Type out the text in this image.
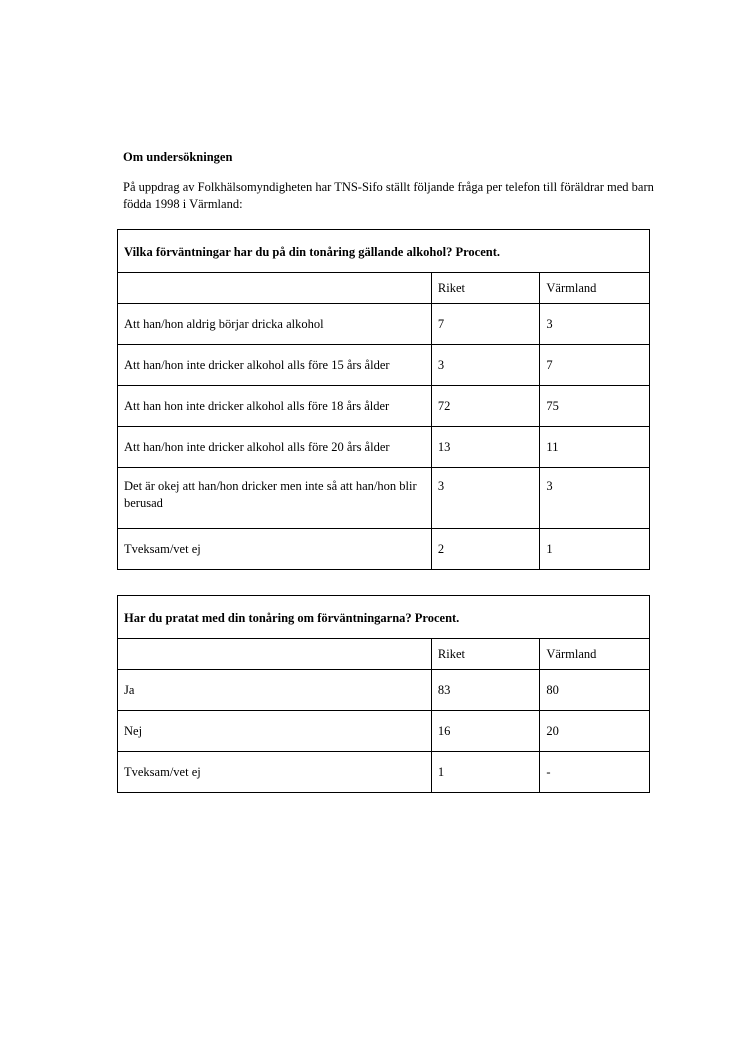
Om undersökningen

På uppdrag av Folkhälsomyndigheten har TNS-Sifo ställt följande fråga per telefon till föräldrar med barn födda 1998 i Värmland:

Vilka förväntningar har du på din tonåring gällande alkohol? Procent.		
	Riket	Värmland
Att han/hon aldrig börjar dricka alkohol	7	3
Att han/hon inte dricker alkohol alls före 15 års ålder	3	7
Att han hon inte dricker alkohol alls före 18 års ålder	72	75
Att han/hon inte dricker alkohol alls före 20 års ålder	13	11
Det är okej att han/hon dricker men inte så att han/hon blir berusad	3	3
Tveksam/vet ej	2	1
Har du pratat med din tonåring om förväntningarna? Procent.		
	Riket	Värmland
Ja	83	80
Nej	16	20
Tveksam/vet ej	1	-
